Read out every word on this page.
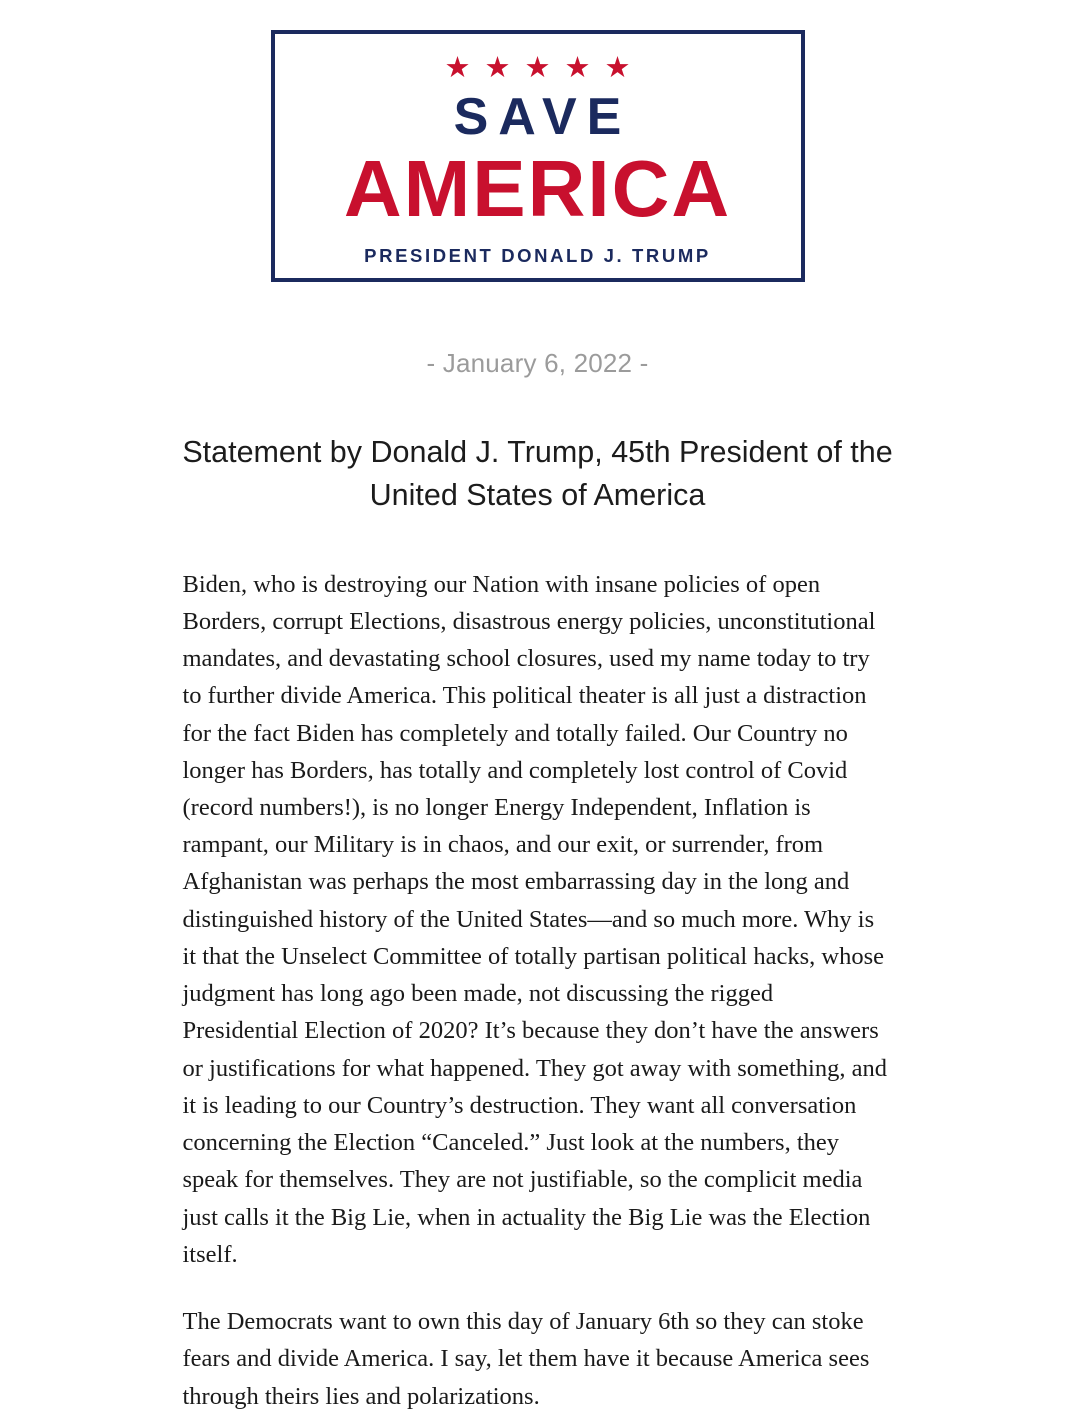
★ ★ ★ ★ ★
SAVE
AMERICA
PRESIDENT DONALD J. TRUMP
- January 6, 2022 -
Statement by Donald J. Trump, 45th President of the United States of America

Biden, who is destroying our Nation with insane policies of open Borders, corrupt Elections, disastrous energy policies, unconstitutional mandates, and devastating school closures, used my name today to try to further divide America. This political theater is all just a distraction for the fact Biden has completely and totally failed. Our Country no longer has Borders, has totally and completely lost control of Covid (record numbers!), is no longer Energy Independent, Inflation is rampant, our Military is in chaos, and our exit, or surrender, from Afghanistan was perhaps the most embarrassing day in the long and distinguished history of the United States—and so much more. Why is it that the Unselect Committee of totally partisan political hacks, whose judgment has long ago been made, not discussing the rigged Presidential Election of 2020? It’s because they don’t have the answers or justifications for what happened. They got away with something, and it is leading to our Country’s destruction. They want all conversation concerning the Election “Canceled.” Just look at the numbers, they speak for themselves. They are not justifiable, so the complicit media just calls it the Big Lie, when in actuality the Big Lie was the Election itself.

The Democrats want to own this day of January 6th so they can stoke fears and divide America. I say, let them have it because America sees through theirs lies and polarizations.
